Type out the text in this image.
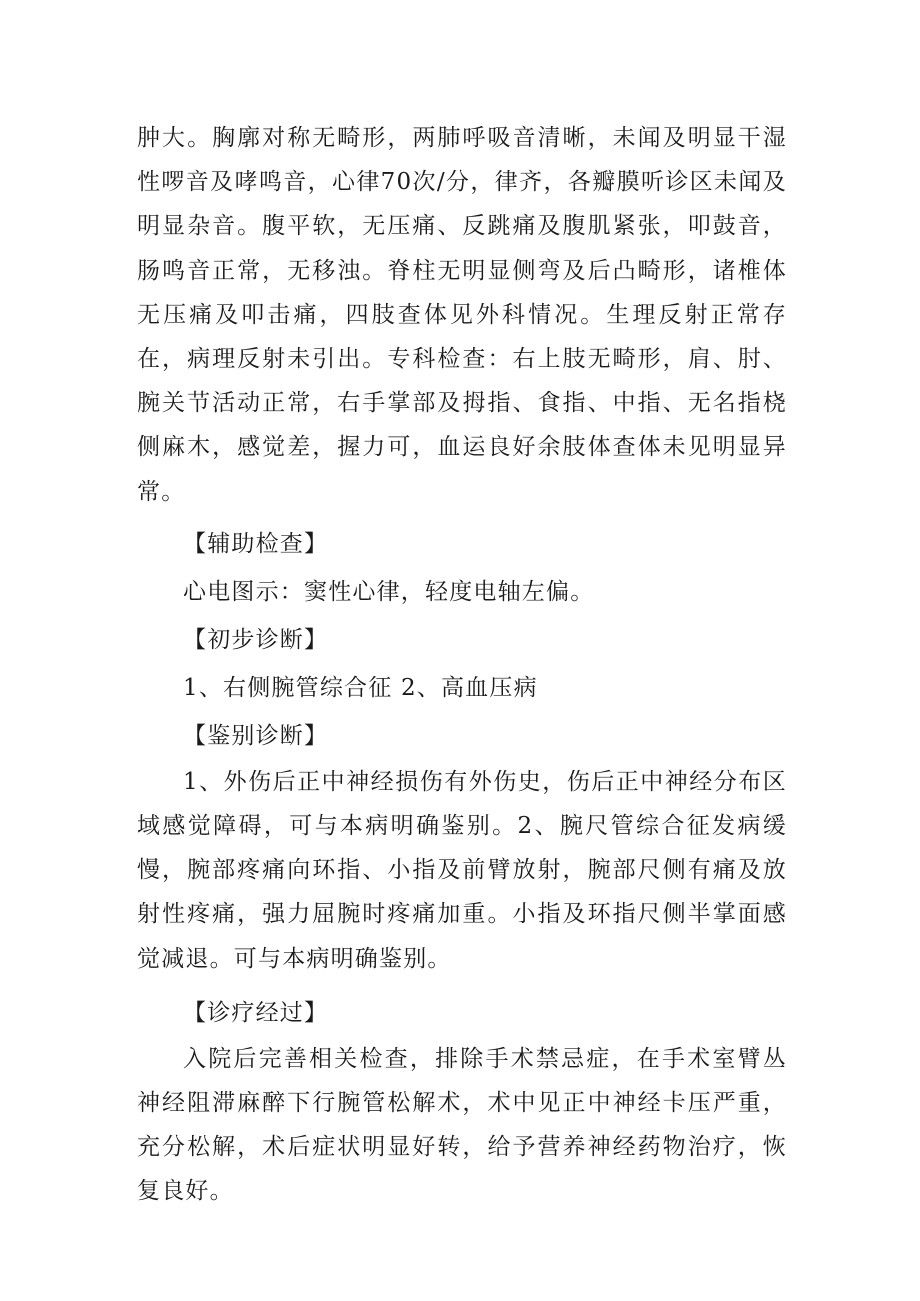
肿大。胸廓对称无畸形，两肺呼吸音清晰，未闻及明显干湿性啰音及哮鸣音，心律70次/分，律齐，各瓣膜听诊区未闻及明显杂音。腹平软，无压痛、反跳痛及腹肌紧张，叩鼓音，肠鸣音正常，无移浊。脊柱无明显侧弯及后凸畸形，诸椎体无压痛及叩击痛，四肢查体见外科情况。生理反射正常存在，病理反射未引出。专科检查：右上肢无畸形，肩、肘、腕关节活动正常，右手掌部及拇指、食指、中指、无名指桡侧麻木，感觉差，握力可，血运良好余肢体查体未见明显异常。

【辅助检查】
心电图示：窦性心律，轻度电轴左偏。
【初步诊断】
1、右侧腕管综合征 2、高血压病
【鉴别诊断】

1、外伤后正中神经损伤有外伤史，伤后正中神经分布区域感觉障碍，可与本病明确鉴别。2、腕尺管综合征发病缓慢，腕部疼痛向环指、小指及前臂放射，腕部尺侧有痛及放射性疼痛，强力屈腕时疼痛加重。小指及环指尺侧半掌面感觉减退。可与本病明确鉴别。

【诊疗经过】

入院后完善相关检查，排除手术禁忌症，在手术室臂丛神经阻滞麻醉下行腕管松解术，术中见正中神经卡压严重，充分松解，术后症状明显好转，给予营养神经药物治疗，恢复良好。
